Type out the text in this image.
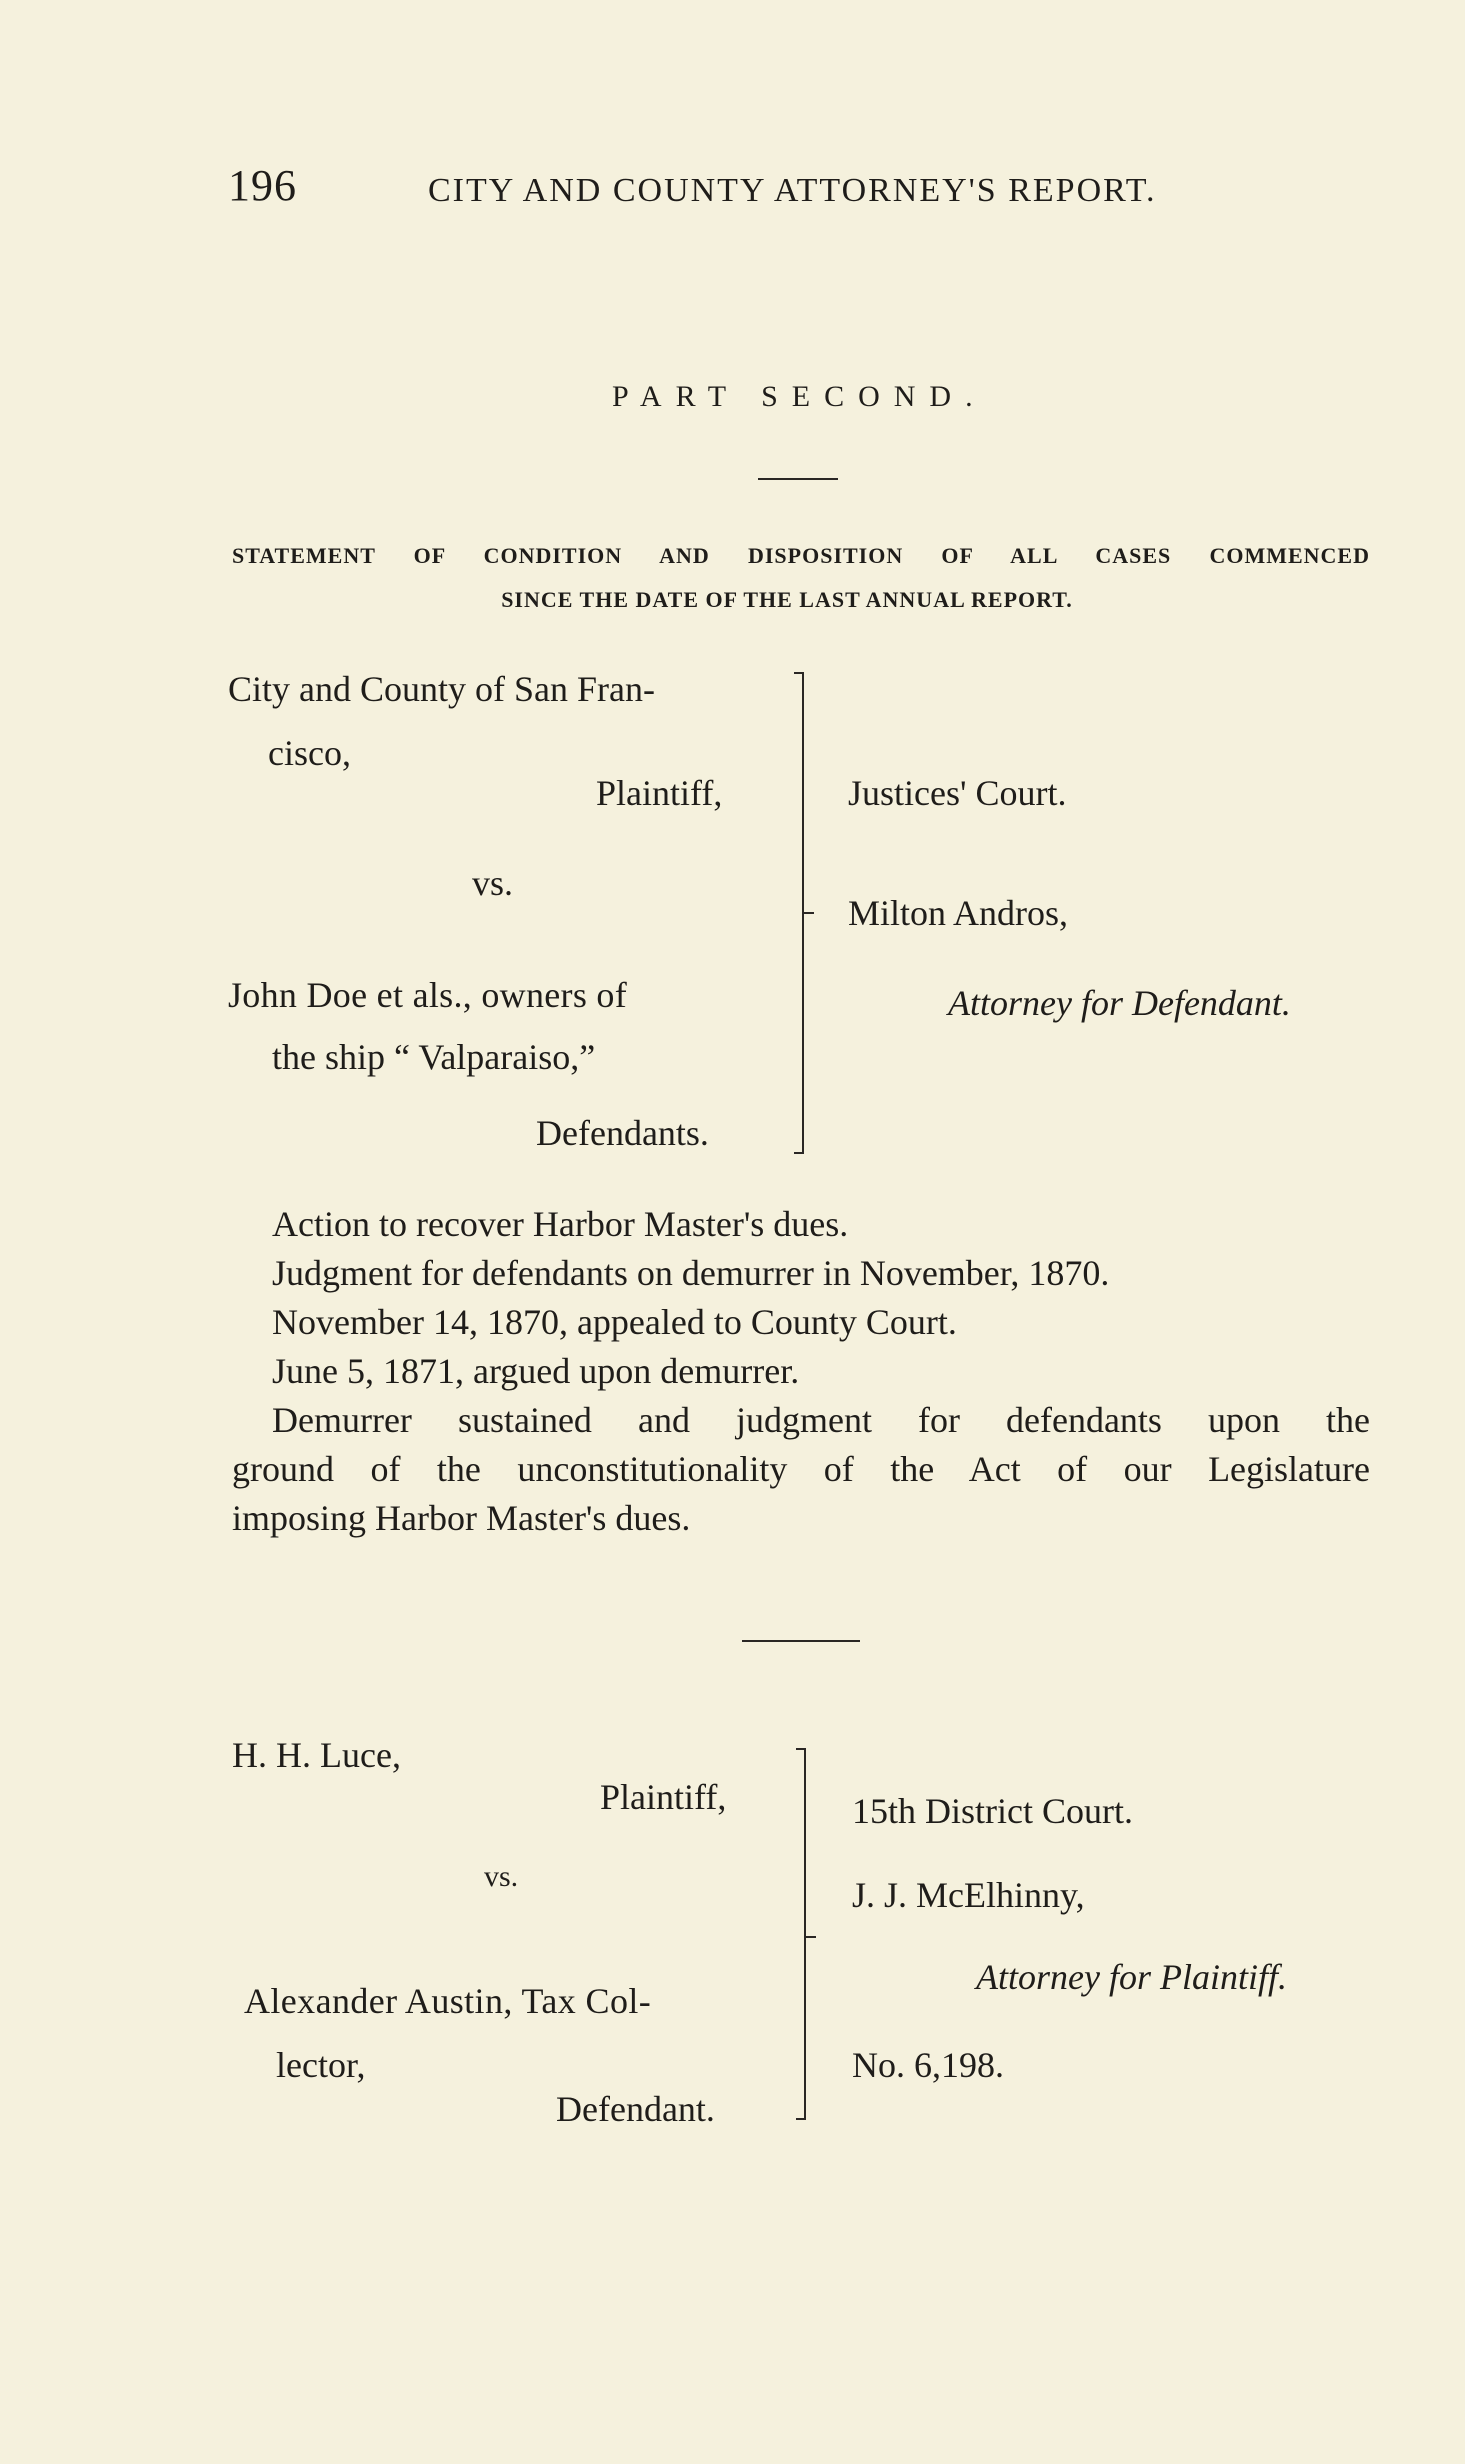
196	CITY AND COUNTY ATTORNEY'S REPORT.
PART SECOND.
STATEMENT OF CONDITION AND DISPOSITION OF ALL CASES COMMENCED
SINCE THE DATE OF THE LAST ANNUAL REPORT.
City and County of San Fran-
cisco,
Plaintiff,
vs.
John Doe et als., owners of
the ship “ Valparaiso,”
Defendants.
Justices' Court.
Milton Andros,
Attorney for Defendant.
Action to recover Harbor Master's dues.
Judgment for defendants on demurrer in November, 1870.
November 14, 1870, appealed to County Court.
June 5, 1871, argued upon demurrer.
Demurrer sustained and judgment for defendants upon the
ground of the unconstitutionality of the Act of our Legislature
imposing Harbor Master's dues.
H. H. Luce,
Plaintiff,
vs.
Alexander Austin, Tax Col-
lector,
Defendant.
15th District Court.
J. J. McElhinny,
Attorney for Plaintiff.
No. 6,198.
